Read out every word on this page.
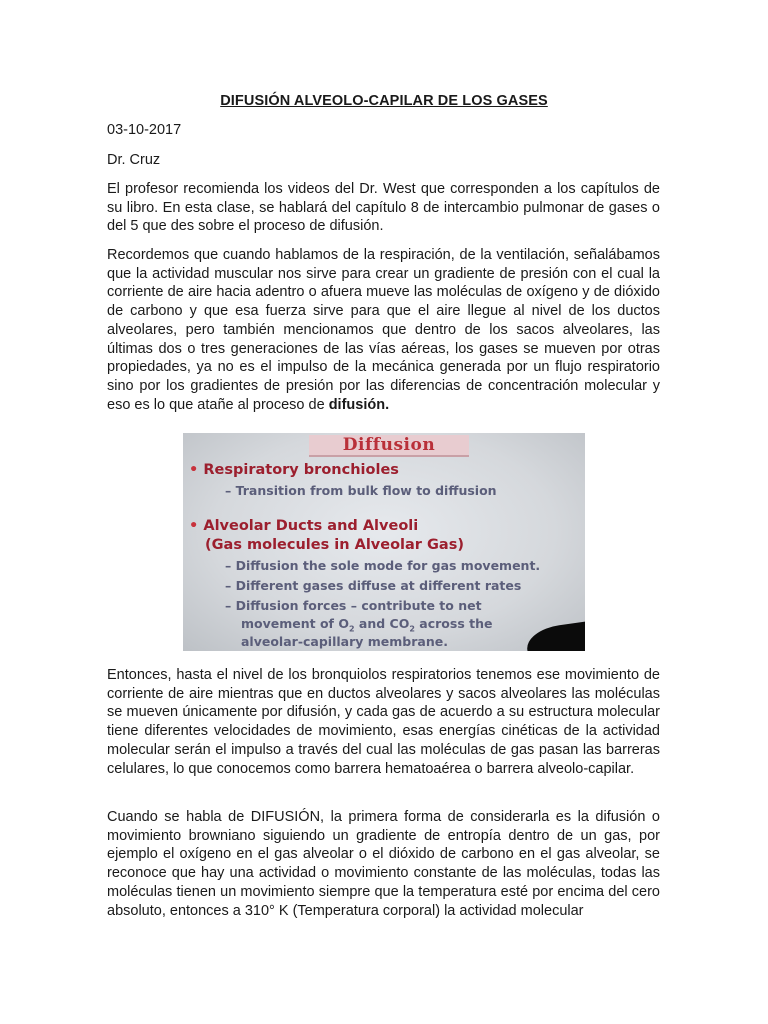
DIFUSIÓN ALVEOLO-CAPILAR DE LOS GASES
03-10-2017
Dr. Cruz

El profesor recomienda los videos del Dr. West que corresponden a los capítulos de su libro. En esta clase, se hablará del capítulo 8 de intercambio pulmonar de gases o del 5 que des sobre el proceso de difusión.

Recordemos que cuando hablamos de la respiración, de la ventilación, señalábamos que la actividad muscular nos sirve para crear un gradiente de presión con el cual la corriente de aire hacia adentro o afuera mueve las moléculas de oxígeno y de dióxido de carbono y que esa fuerza sirve para que el aire llegue al nivel de los ductos alveolares, pero también mencionamos que dentro de los sacos alveolares, las últimas dos o tres generaciones de las vías aéreas, los gases se mueven por otras propiedades, ya no es el impulso de la mecánica generada por un flujo respiratorio sino por los gradientes de presión por las diferencias de concentración molecular y eso es lo que atañe al proceso de difusión.

Diffusion
• Respiratory bronchioles
– Transition from bulk flow to diffusion
• Alveolar Ducts and Alveoli
(Gas molecules in Alveolar Gas)
– Diffusion the sole mode for gas movement.
– Different gases diffuse at different rates
– Diffusion forces – contribute to net
movement of $O_2$ and $CO_2$ across the
alveolar-capillary membrane.

Entonces, hasta el nivel de los bronquiolos respiratorios tenemos ese movimiento de corriente de aire mientras que en ductos alveolares y sacos alveolares las moléculas se mueven únicamente por difusión, y cada gas de acuerdo a su estructura molecular tiene diferentes velocidades de movimiento, esas energías cinéticas de la actividad molecular serán el impulso a través del cual las moléculas de gas pasan las barreras celulares, lo que conocemos como barrera hematoaérea o barrera alveolo-capilar.

Cuando se habla de DIFUSIÓN, la primera forma de considerarla es la difusión o movimiento browniano siguiendo un gradiente de entropía dentro de un gas, por ejemplo el oxígeno en el gas alveolar o el dióxido de carbono en el gas alveolar, se reconoce que hay una actividad o movimiento constante de las moléculas, todas las moléculas tienen un movimiento siempre que la temperatura esté por encima del cero absoluto, entonces a 310° K (Temperatura corporal) la actividad molecular
